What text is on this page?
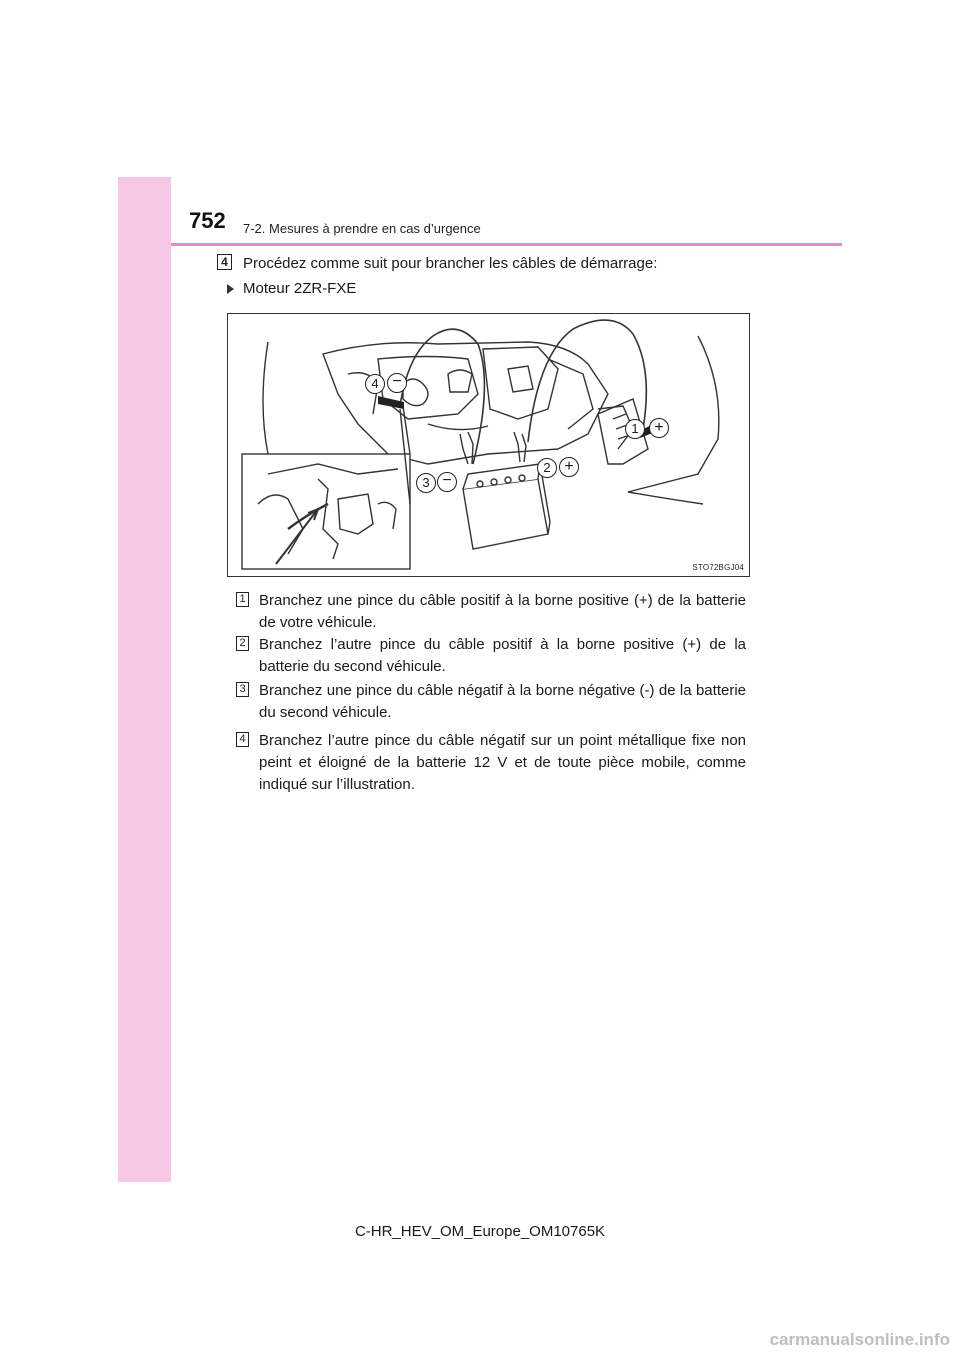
752 7-2. Mesures à prendre en cas d’urgence
4 Procédez comme suit pour brancher les câbles de démarrage:
Moteur 2ZR-FXE
1 +
2 +
3 −
4 −
STO72BGJ04
1 Branchez une pince du câble positif à la borne positive (+) de la batterie de votre véhicule.
2 Branchez l’autre pince du câble positif à la borne positive (+) de la batterie du second véhicule.
3 Branchez une pince du câble négatif à la borne négative (-) de la batterie du second véhicule.
4 Branchez l’autre pince du câble négatif sur un point métallique fixe non peint et éloigné de la batterie 12 V et de toute pièce mobile, comme indiqué sur l’illustration.
C-HR_HEV_OM_Europe_OM10765K
carmanualsonline.info
